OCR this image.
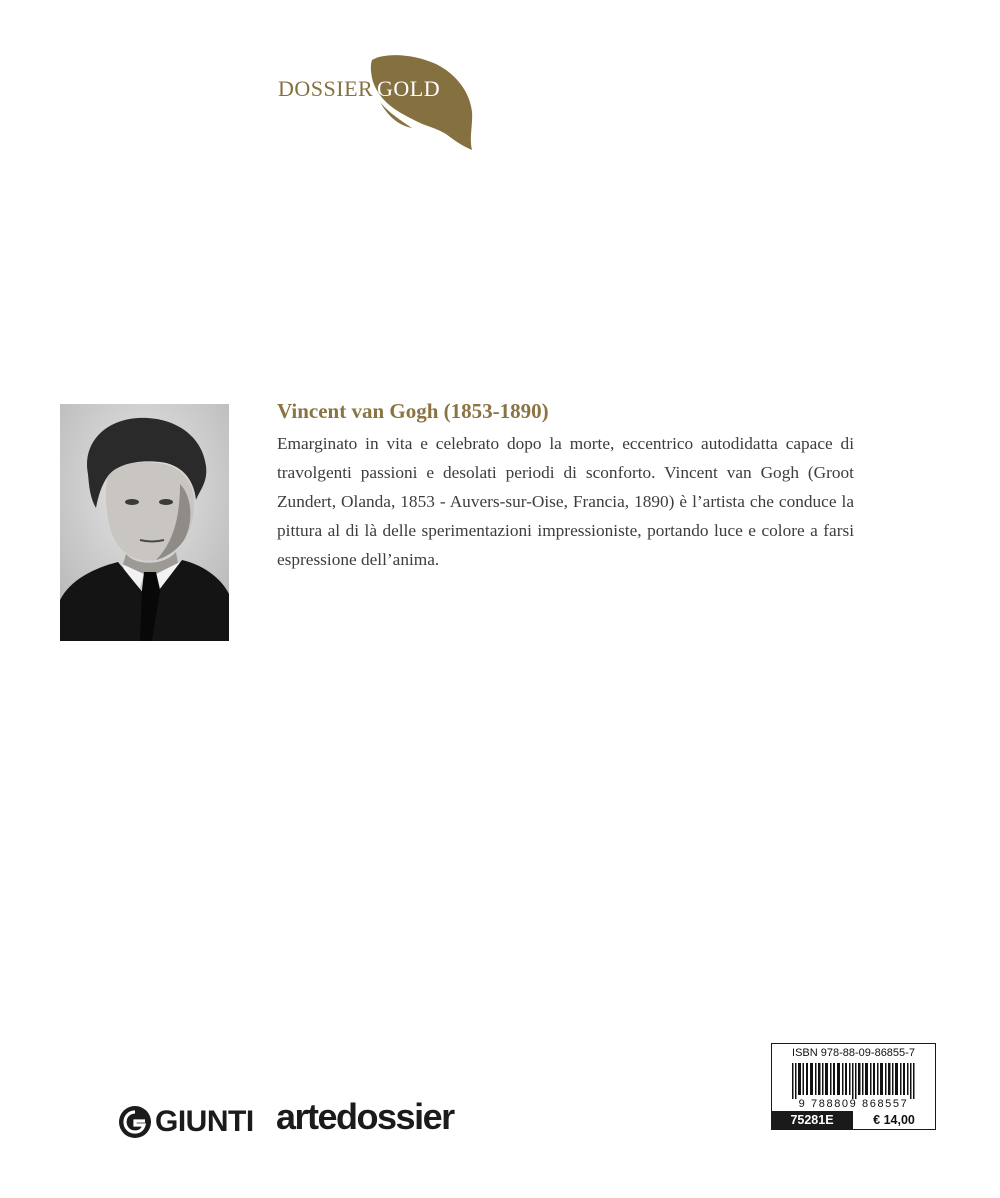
DOSSIER GOLD
Vincent van Gogh (1853-1890)

Emarginato in vita e celebrato dopo la morte, eccentrico autodidatta capace di travolgenti passioni e desolati periodi di sconforto. Vincent van Gogh (Groot Zundert, Olanda, 1853 - Auvers-sur-Oise, Francia, 1890) è l’artista che conduce la pittura al di là delle sperimentazioni impressioniste, portando luce e colore a farsi espressione dell’anima.

GIUNTI artedossier
ISBN 978-88-09-86855-7
9 788809 868557
75281E	€ 14,00
